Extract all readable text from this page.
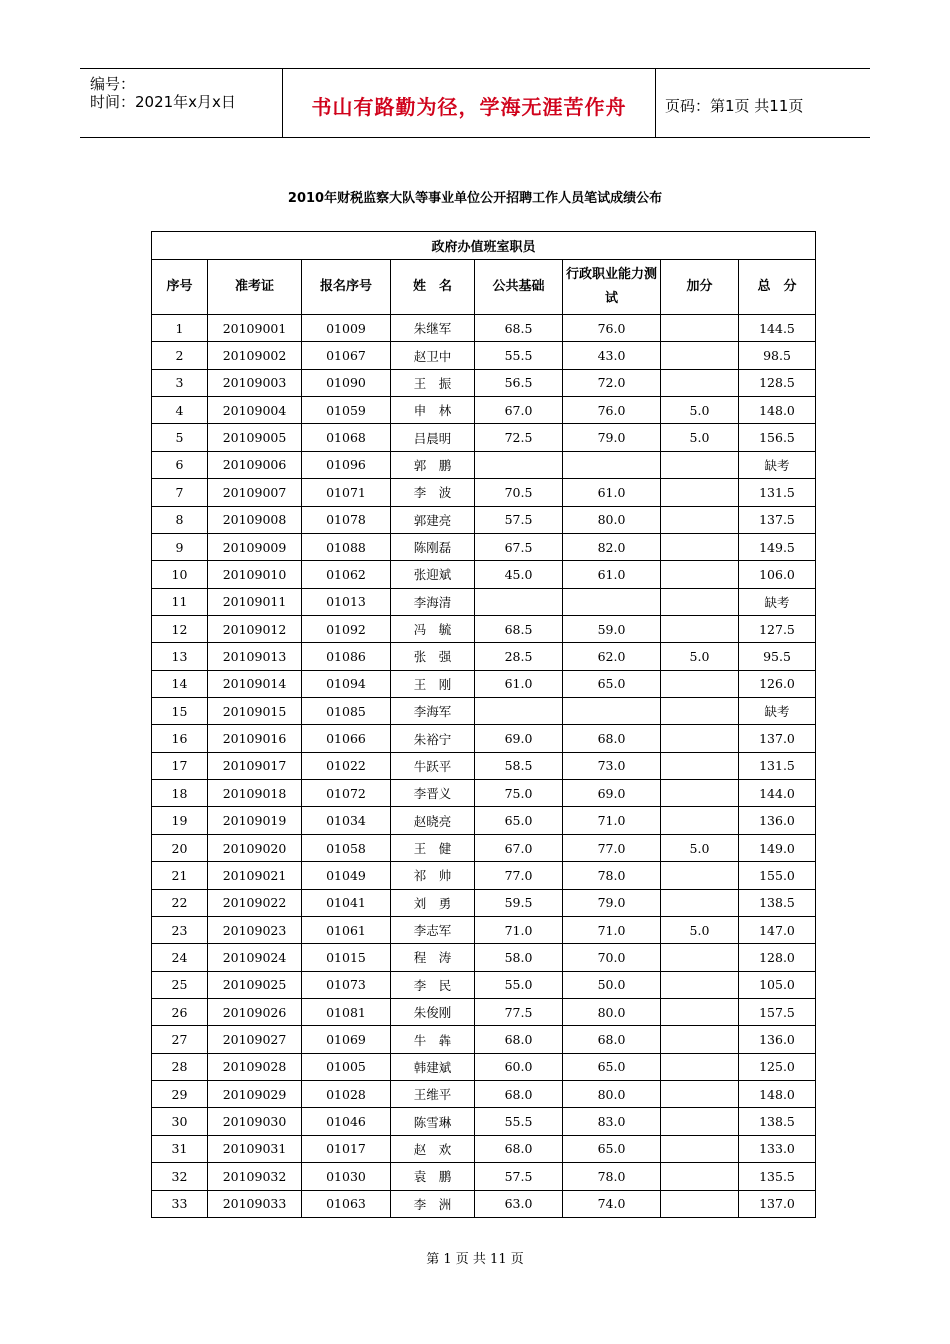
编号：
时间：2021年x月x日	书山有路勤为径，学海无涯苦作舟	页码：第1页 共11页
2010年财税监察大队等事业单位公开招聘工作人员笔试成绩公布
政府办值班室职员							
序号	准考证	报名序号	姓　名	公共基础	行政职业能力测试	加分	总　分
1	20109001	01009	朱继军	68.5	76.0		144.5
2	20109002	01067	赵卫中	55.5	43.0		98.5
3	20109003	01090	王　振	56.5	72.0		128.5
4	20109004	01059	申　林	67.0	76.0	5.0	148.0
5	20109005	01068	吕晨明	72.5	79.0	5.0	156.5
6	20109006	01096	郭　鹏				缺考
7	20109007	01071	李　波	70.5	61.0		131.5
8	20109008	01078	郭建亮	57.5	80.0		137.5
9	20109009	01088	陈刚磊	67.5	82.0		149.5
10	20109010	01062	张迎斌	45.0	61.0		106.0
11	20109011	01013	李海清				缺考
12	20109012	01092	冯　毓	68.5	59.0		127.5
13	20109013	01086	张　强	28.5	62.0	5.0	95.5
14	20109014	01094	王　刚	61.0	65.0		126.0
15	20109015	01085	李海军				缺考
16	20109016	01066	朱裕宁	69.0	68.0		137.0
17	20109017	01022	牛跃平	58.5	73.0		131.5
18	20109018	01072	李晋义	75.0	69.0		144.0
19	20109019	01034	赵晓亮	65.0	71.0		136.0
20	20109020	01058	王　健	67.0	77.0	5.0	149.0
21	20109021	01049	祁　帅	77.0	78.0		155.0
22	20109022	01041	刘　勇	59.5	79.0		138.5
23	20109023	01061	李志军	71.0	71.0	5.0	147.0
24	20109024	01015	程　涛	58.0	70.0		128.0
25	20109025	01073	李　民	55.0	50.0		105.0
26	20109026	01081	朱俊刚	77.5	80.0		157.5
27	20109027	01069	牛　犇	68.0	68.0		136.0
28	20109028	01005	韩建斌	60.0	65.0		125.0
29	20109029	01028	王维平	68.0	80.0		148.0
30	20109030	01046	陈雪琳	55.5	83.0		138.5
31	20109031	01017	赵　欢	68.0	65.0		133.0
32	20109032	01030	袁　鹏	57.5	78.0		135.5
33	20109033	01063	李　洲	63.0	74.0		137.0
第 1 页 共 11 页
